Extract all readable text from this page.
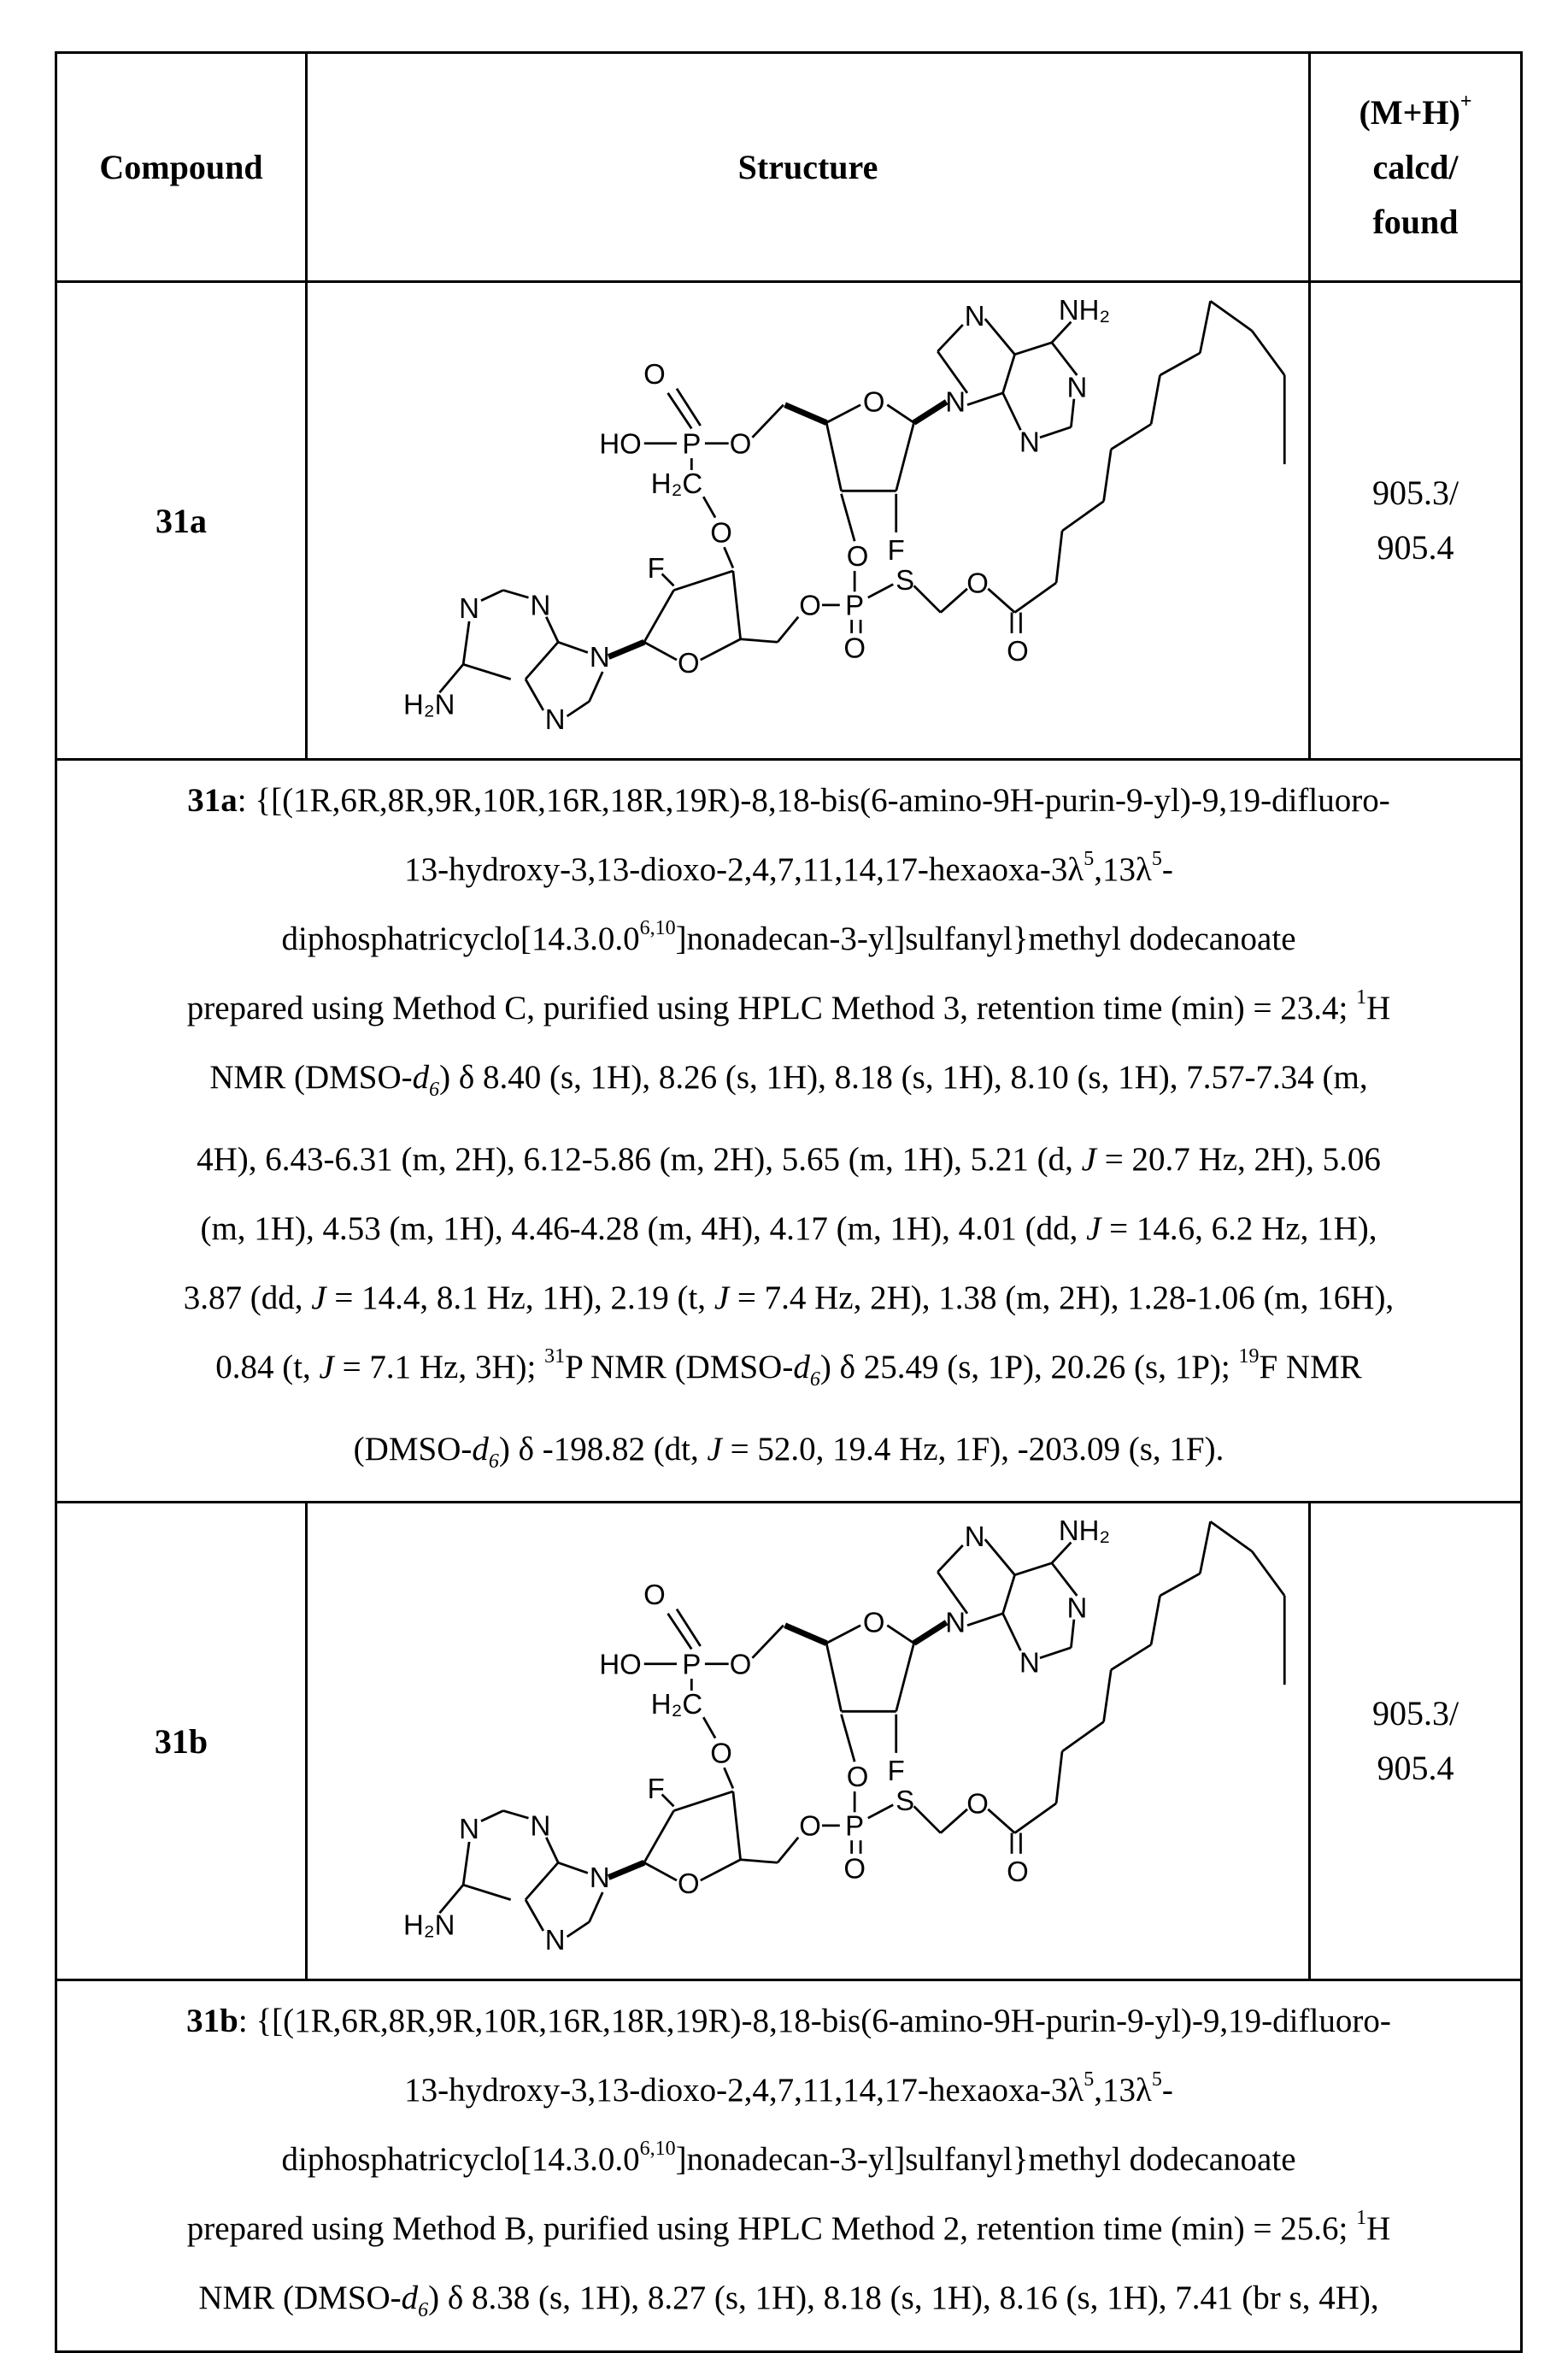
Compound	Structure	(M+H)+
calcd/
found
31a	
O
HO	P O
O	N
N	NH₂
N
N
F
O
P
O
O
S	O
O
H₂C
O
F
O
N
N
N
N
H₂N
	905.3/
905.4

31a: {[(1R,6R,8R,9R,10R,16R,18R,19R)-8,18-bis(6-amino-9H-purin-9-yl)-9,19-difluoro-
13-hydroxy-3,13-dioxo-2,4,7,11,14,17-hexaoxa-3λ5,13λ5-
diphosphatricyclo[14.3.0.06,10]nonadecan-3-yl]sulfanyl}methyl dodecanoate
prepared using Method C, purified using HPLC Method 3, retention time (min) = 23.4; 1H
NMR (DMSO-d6) δ 8.40 (s, 1H), 8.26 (s, 1H), 8.18 (s, 1H), 8.10 (s, 1H), 7.57-7.34 (m,
4H), 6.43-6.31 (m, 2H), 6.12-5.86 (m, 2H), 5.65 (m, 1H), 5.21 (d, J = 20.7 Hz, 2H), 5.06
(m, 1H), 4.53 (m, 1H), 4.46-4.28 (m, 4H), 4.17 (m, 1H), 4.01 (dd, J = 14.6, 6.2 Hz, 1H),
3.87 (dd, J = 14.4, 8.1 Hz, 1H), 2.19 (t, J = 7.4 Hz, 2H), 1.38 (m, 2H), 1.28-1.06 (m, 16H),
0.84 (t, J = 7.1 Hz, 3H); 31P NMR (DMSO-d6) δ 25.49 (s, 1P), 20.26 (s, 1P); 19F NMR
(DMSO-d6) δ -198.82 (dt, J = 52.0, 19.4 Hz, 1F), -203.09 (s, 1F).

31b	
O
HO	P O
O	N
N	NH₂
N
N
F
O
P
O
O
S	O
O
H₂C
O
F
O
N
N
N
N
H₂N
	905.3/
905.4

31b: {[(1R,6R,8R,9R,10R,16R,18R,19R)-8,18-bis(6-amino-9H-purin-9-yl)-9,19-difluoro-
13-hydroxy-3,13-dioxo-2,4,7,11,14,17-hexaoxa-3λ5,13λ5-
diphosphatricyclo[14.3.0.06,10]nonadecan-3-yl]sulfanyl}methyl dodecanoate
prepared using Method B, purified using HPLC Method 2, retention time (min) = 25.6; 1H
NMR (DMSO-d6) δ 8.38 (s, 1H), 8.27 (s, 1H), 8.18 (s, 1H), 8.16 (s, 1H), 7.41 (br s, 4H),
